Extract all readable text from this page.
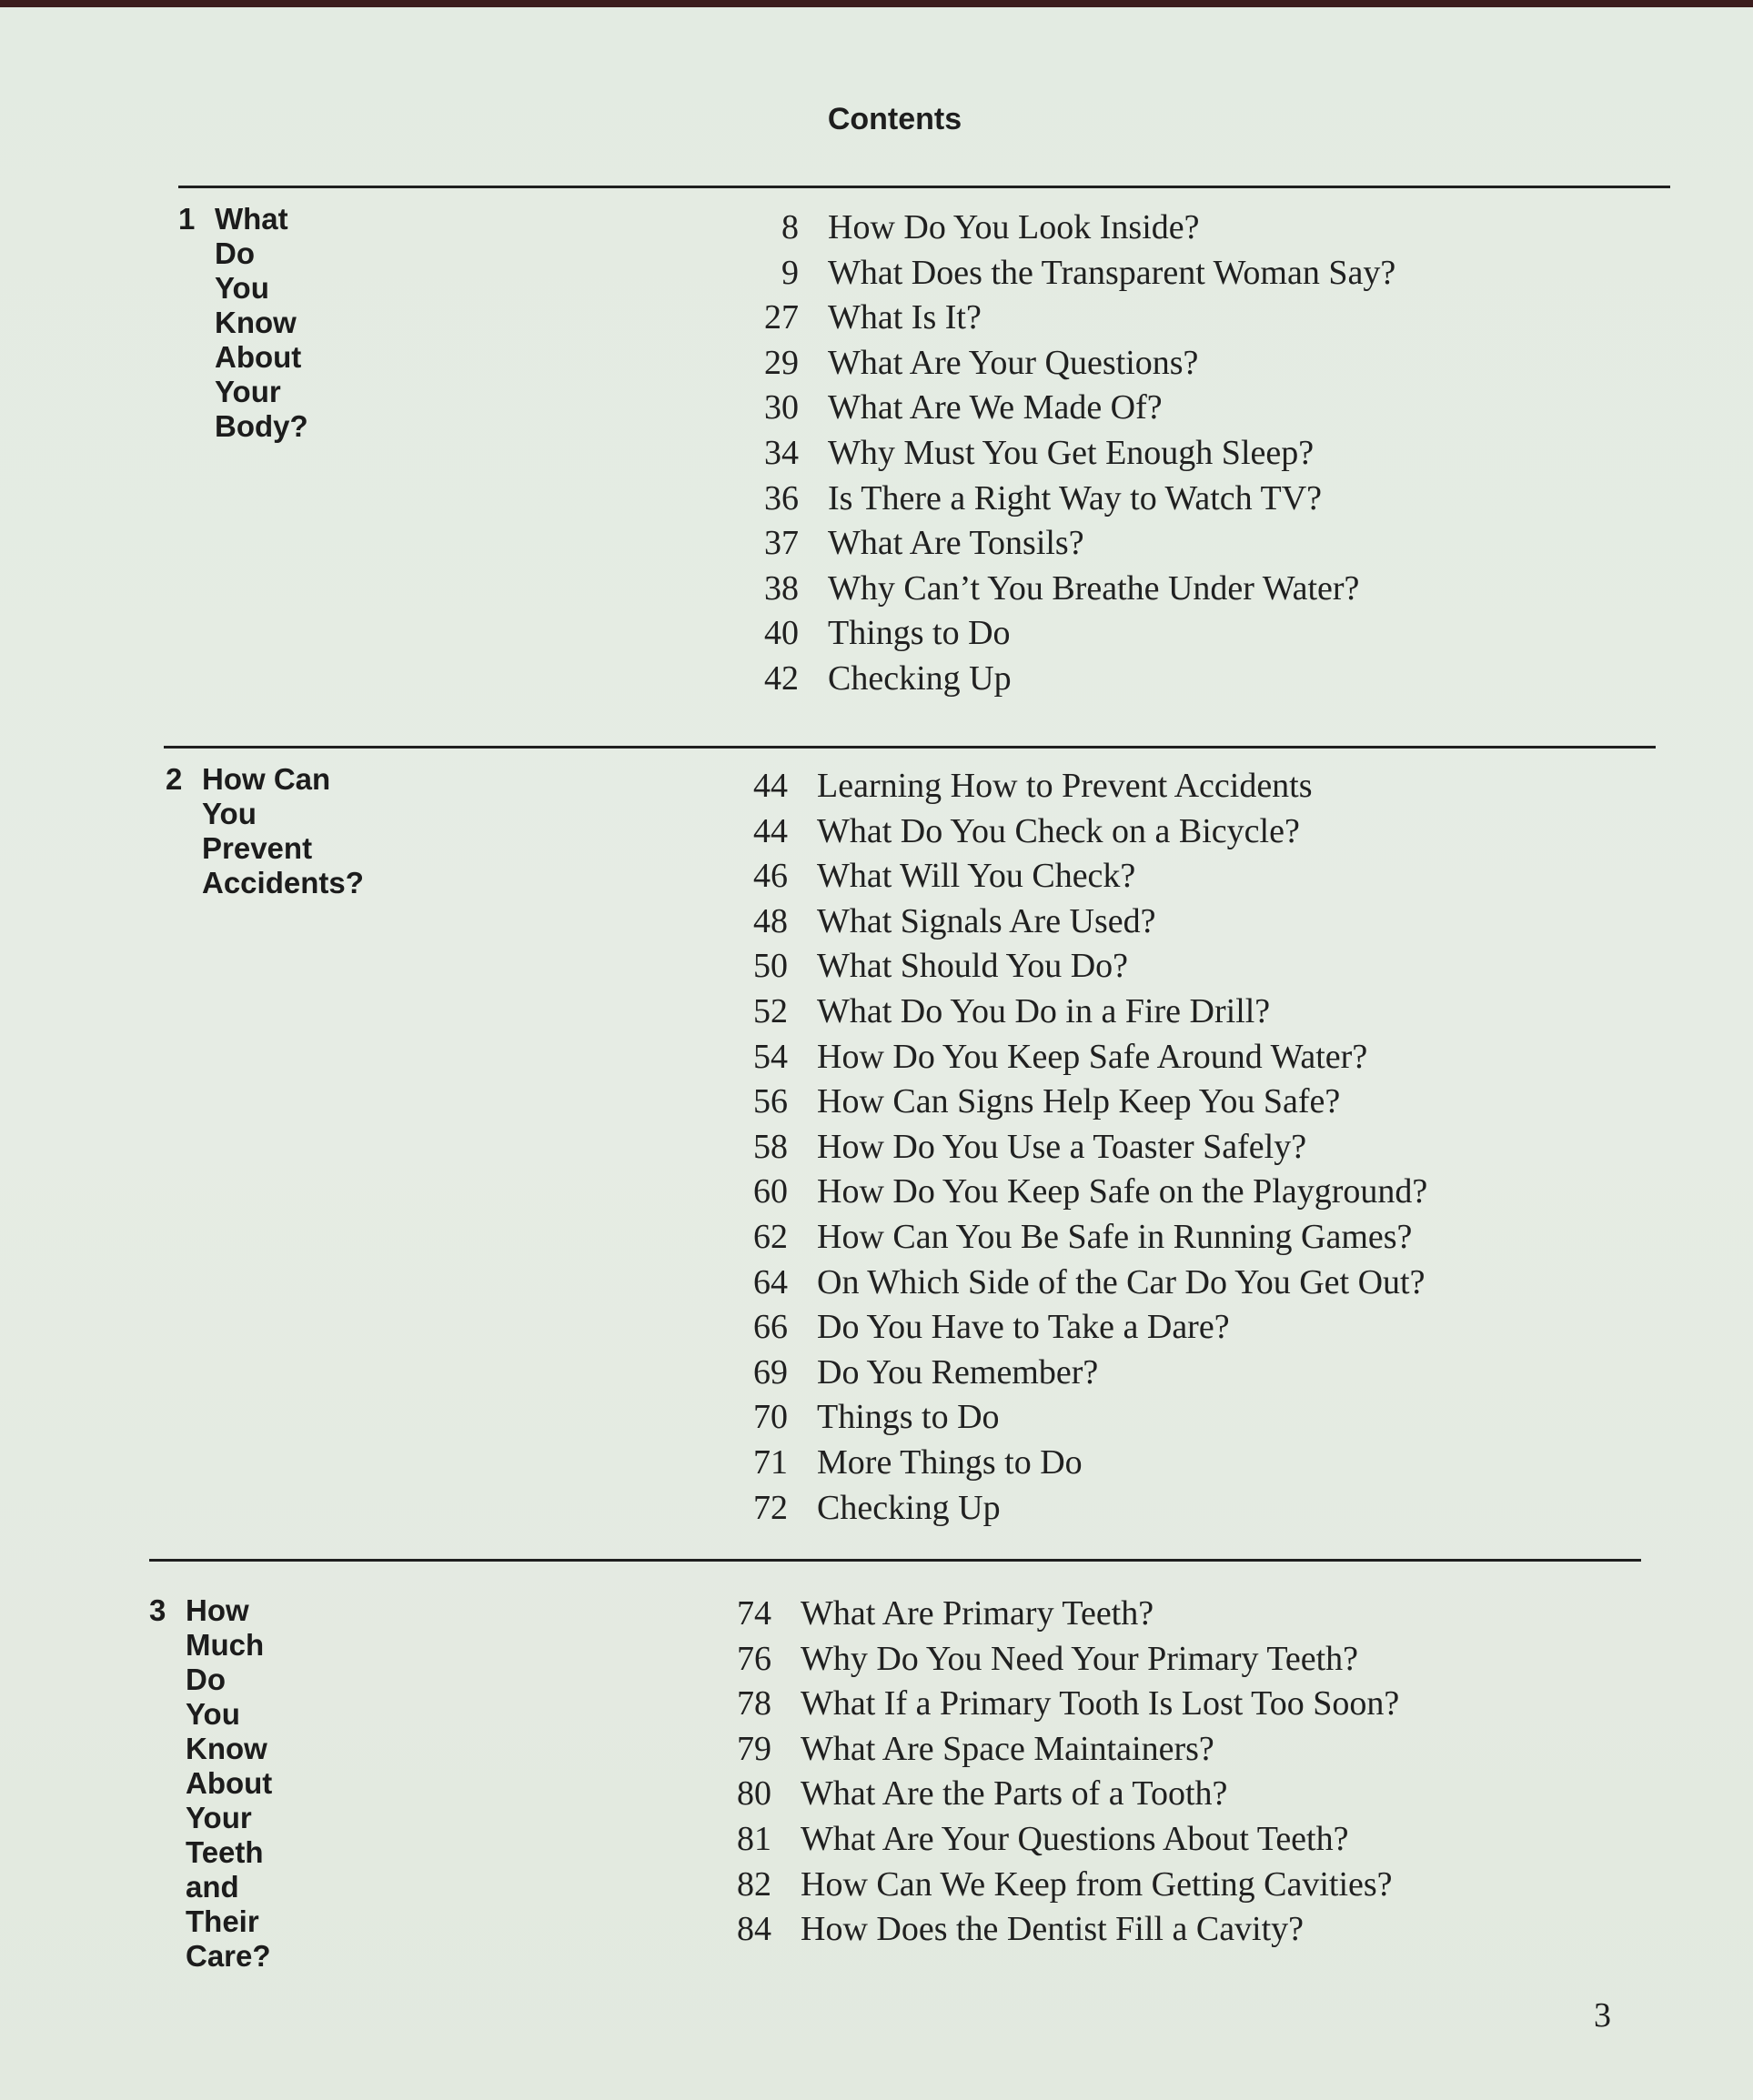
Contents
1 What Do You Know About
Your Body?
8 How Do You Look Inside?
9 What Does the Transparent Woman Say?
27 What Is It?
29 What Are Your Questions?
30 What Are We Made Of?
34 Why Must You Get Enough Sleep?
36 Is There a Right Way to Watch TV?
37 What Are Tonsils?
38 Why Can’t You Breathe Under Water?
40 Things to Do
42 Checking Up
2 How Can You Prevent Accidents?
44 Learning How to Prevent Accidents
44 What Do You Check on a Bicycle?
46 What Will You Check?
48 What Signals Are Used?
50 What Should You Do?
52 What Do You Do in a Fire Drill?
54 How Do You Keep Safe Around Water?
56 How Can Signs Help Keep You Safe?
58 How Do You Use a Toaster Safely?
60 How Do You Keep Safe on the Playground?
62 How Can You Be Safe in Running Games?
64 On Which Side of the Car Do You Get Out?
66 Do You Have to Take a Dare?
69 Do You Remember?
70 Things to Do
71 More Things to Do
72 Checking Up
3 How Much Do You Know About
Your Teeth and Their Care?
74 What Are Primary Teeth?
76 Why Do You Need Your Primary Teeth?
78 What If a Primary Tooth Is Lost Too Soon?
79 What Are Space Maintainers?
80 What Are the Parts of a Tooth?
81 What Are Your Questions About Teeth?
82 How Can We Keep from Getting Cavities?
84 How Does the Dentist Fill a Cavity?
3
